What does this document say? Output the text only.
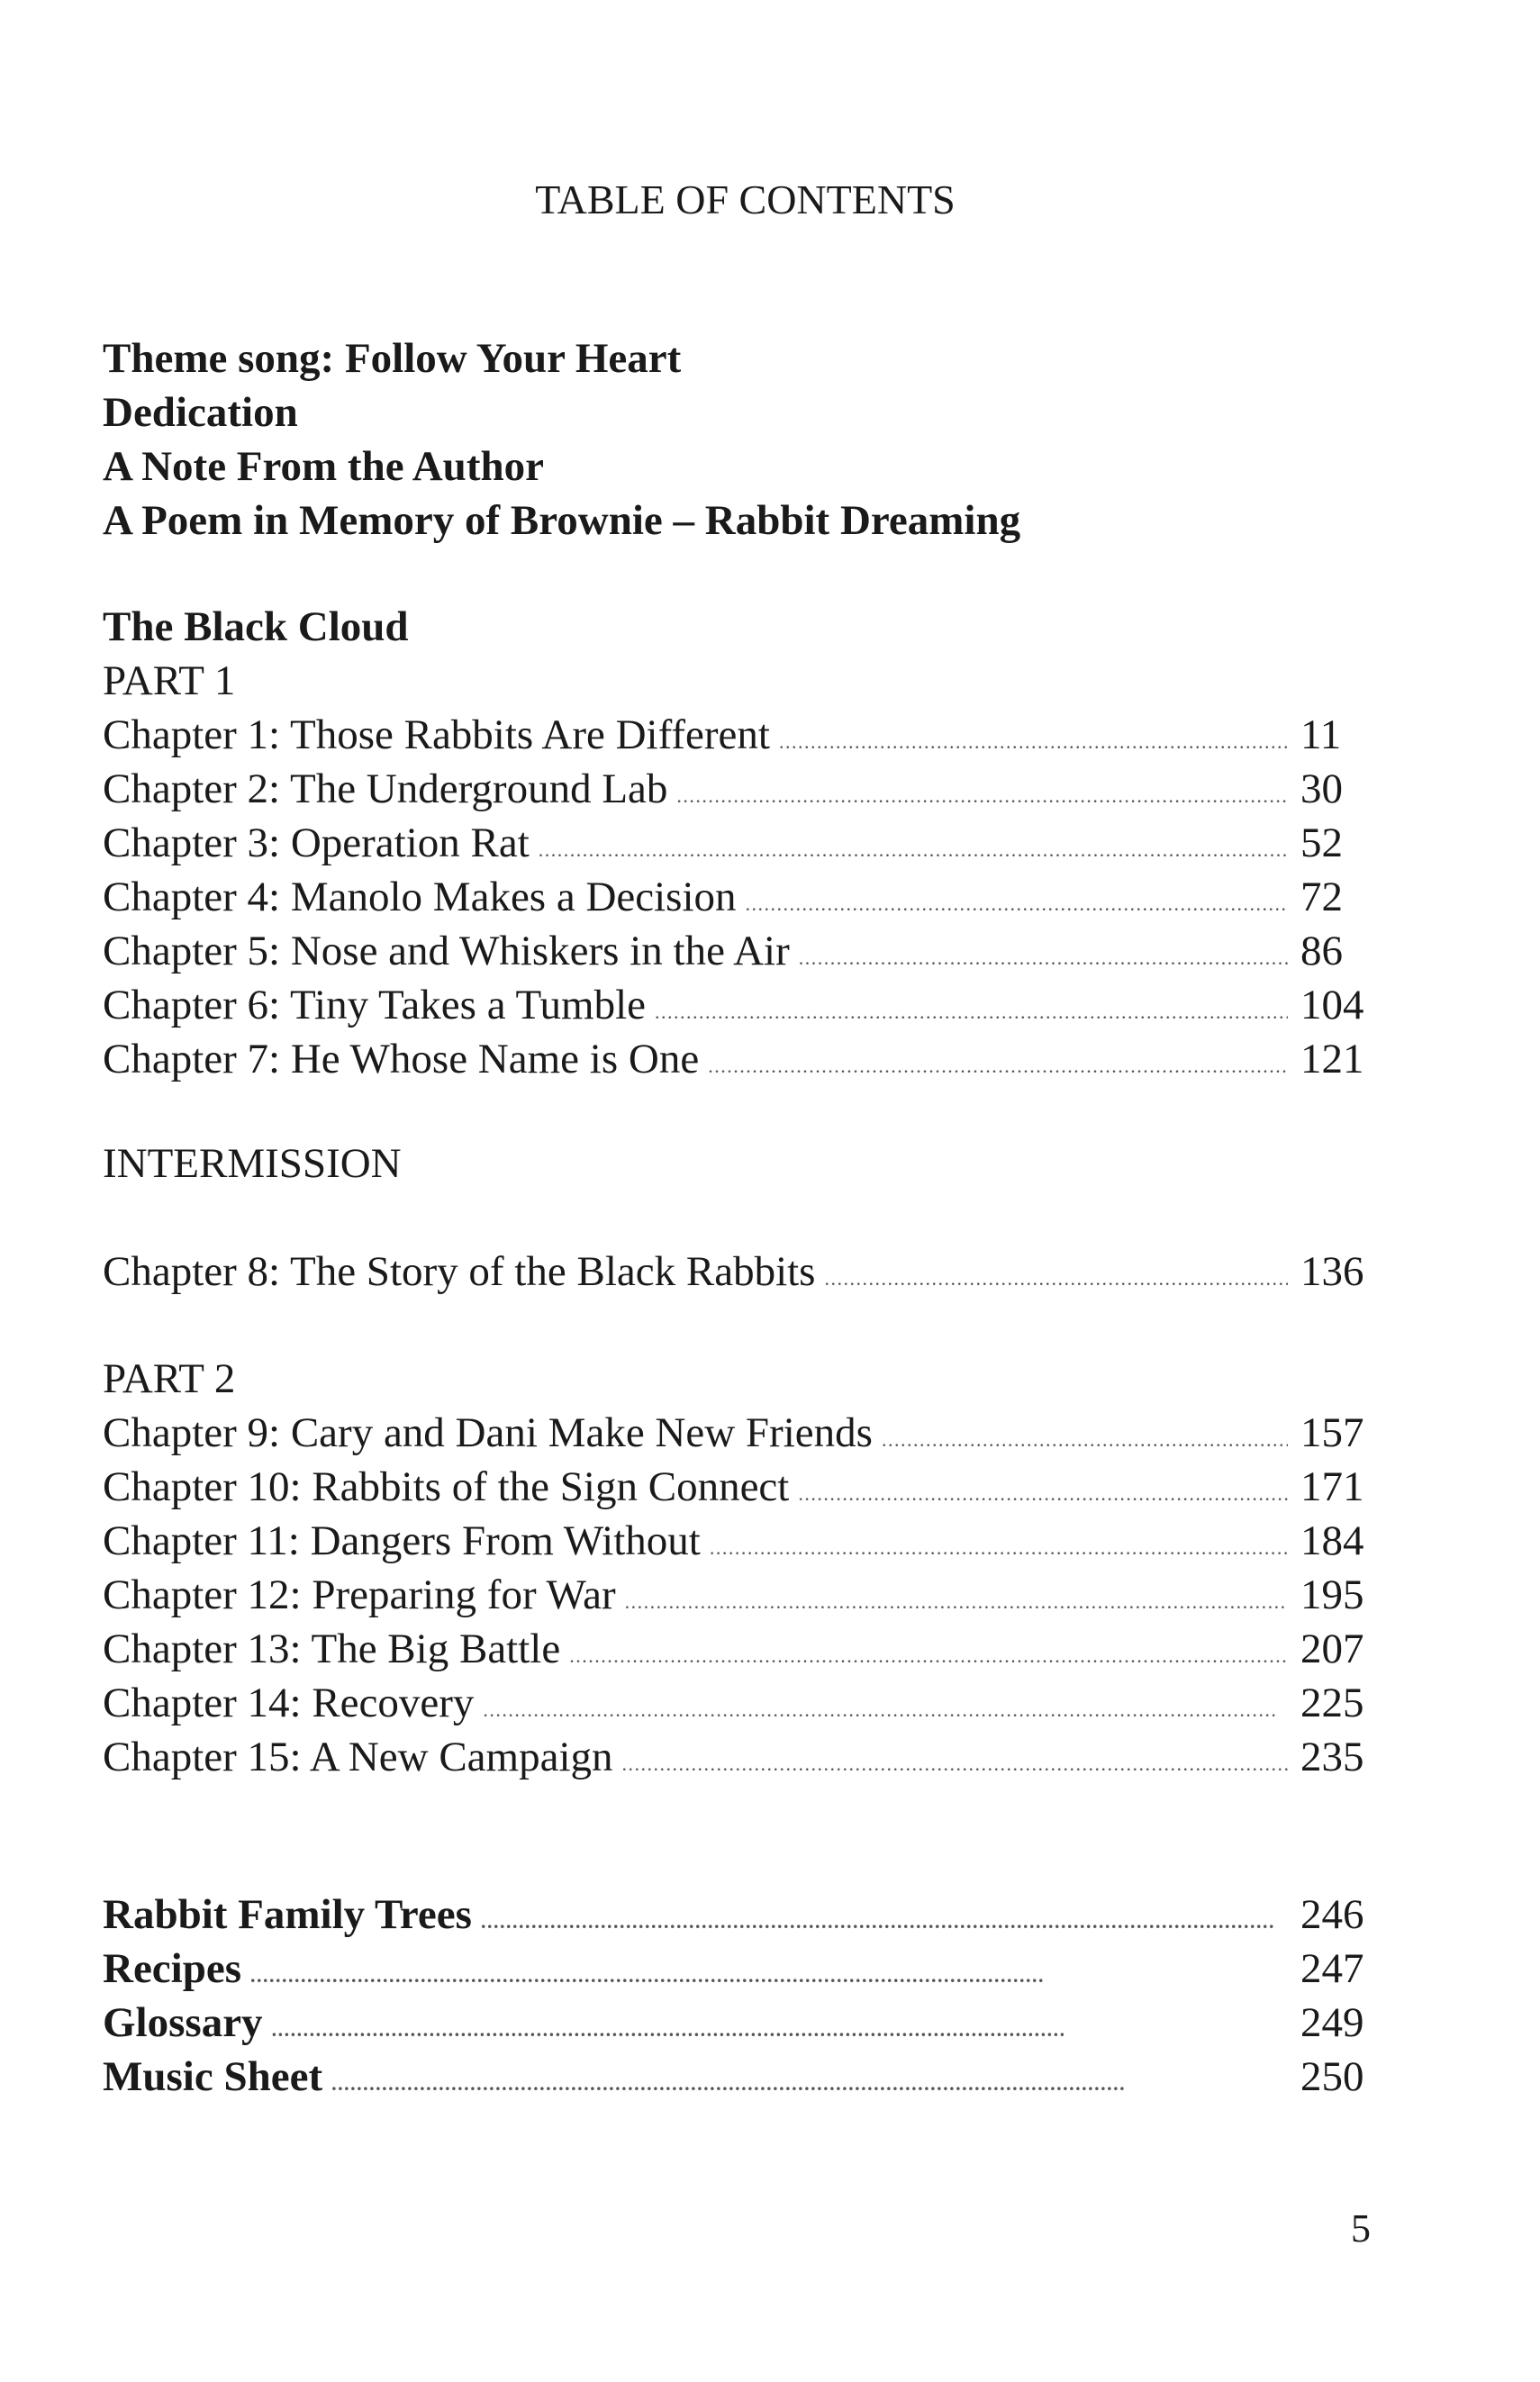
TABLE OF CONTENTS
Theme song: Follow Your Heart
Dedication
A Note From the Author
A Poem in Memory of Brownie – Rabbit Dreaming
The Black Cloud
PART 1
Chapter 1: Those Rabbits Are Different . . .	11
Chapter 2: The Underground Lab . . .	30
Chapter 3: Operation Rat . . .	52
Chapter 4: Manolo Makes a Decision . . .	72
Chapter 5: Nose and Whiskers in the Air . . .	86
Chapter 6: Tiny Takes a Tumble . . .	104
Chapter 7: He Whose Name is One . . .	121
INTERMISSION
Chapter 8: The Story of the Black Rabbits . . .	136
PART 2
Chapter 9: Cary and Dani Make New Friends . . .	157
Chapter 10: Rabbits of the Sign Connect . . .	171
Chapter 11: Dangers From Without . . .	184
Chapter 12: Preparing for War . . .	195
Chapter 13: The Big Battle . . .	207
Chapter 14: Recovery . . .	225
Chapter 15: A New Campaign . . .	235
Rabbit Family Trees . . .	246
Recipes . . .	247
Glossary . . .	249
Music Sheet . . .	250
5
